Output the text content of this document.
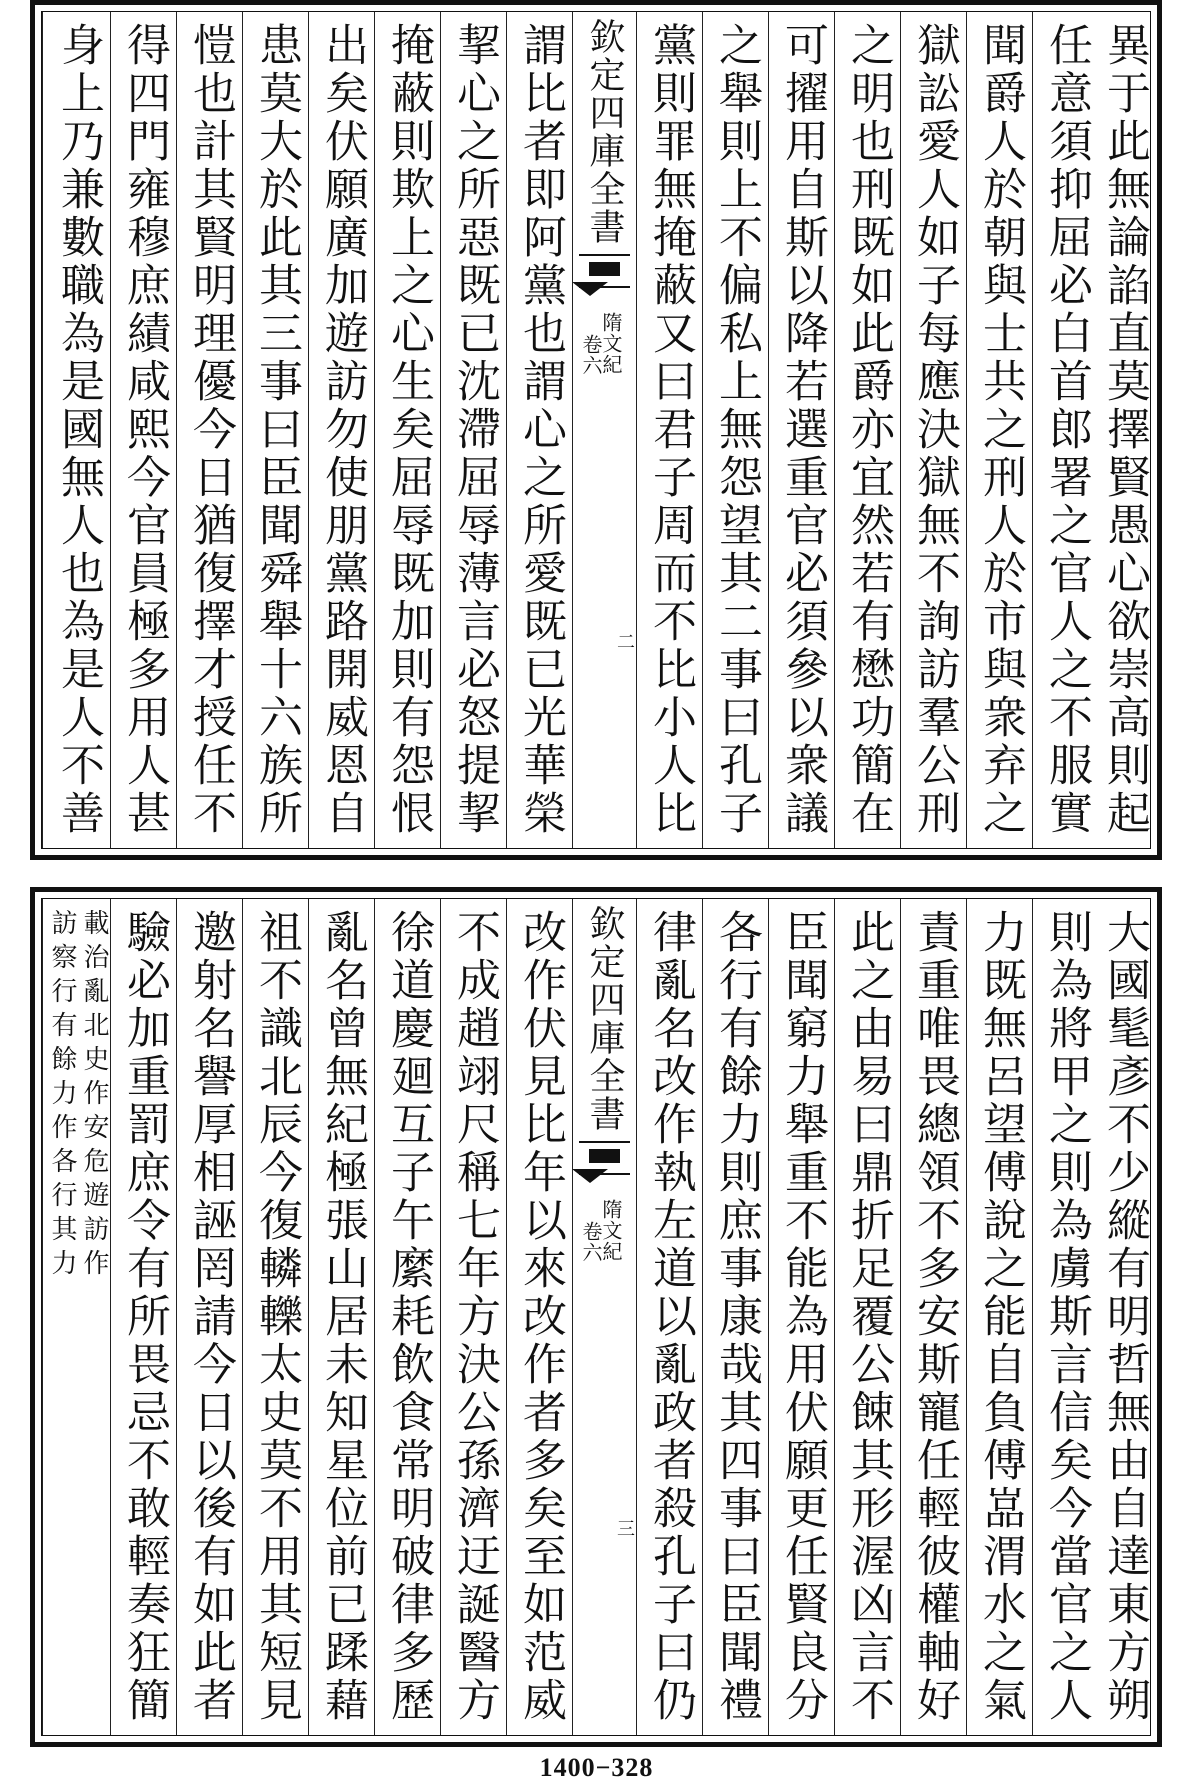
異于此無論諂直莫擇賢愚心欲崇高則起
任意須抑屈必白首郎署之官人之不服實
聞爵人於朝與士共之刑人於市與衆弃之
獄訟愛人如子每應決獄無不詢訪羣公刑
之明也刑既如此爵亦宜然若有懋功簡在
可擢用自斯以降若選重官必須參以衆議
之舉則上不偏私上無怨望其二事曰孔子
黨則罪無掩蔽又曰君子周而不比小人比
欽定四庫全書
隋文紀
卷六
二
謂比者即阿黨也謂心之所愛既已光華榮
挈心之所惡既已沈滯屈辱薄言必怒提挈
掩蔽則欺上之心生矣屈辱既加則有怨恨
出矣伏願廣加遊訪勿使朋黨路開威恩自
患莫大於此其三事曰臣聞舜舉十六族所
愷也計其賢明理優今日猶復擇才授任不
得四門雍穆庶績咸熙今官員極多用人甚
身上乃兼數職為是國無人也為是人不善
大國髦彥不少縱有明哲無由自達東方朔
則為將甲之則為虜斯言信矣今當官之人
力既無呂望傅說之能自負傅嵓渭水之氣
責重唯畏總領不多安斯寵任輕彼權軸好
此之由易曰鼎折足覆公餗其形渥凶言不
臣聞窮力舉重不能為用伏願更任賢良分
各行有餘力則庶事康哉其四事曰臣聞禮
律亂名改作執左道以亂政者殺孔子曰仍
欽定四庫全書
隋文紀
卷六
三
改作伏見比年以來改作者多矣至如范威
不成趙翊尺稱七年方決公孫濟迂誕醫方
徐道慶廻互子午縻耗飲食常明破律多歷
亂名曾無紀極張山居未知星位前已蹂藉
祖不識北辰今復轔轢太史莫不用其短見
邀射名譽厚相誣罔請今日以後有如此者
驗必加重罰庶令有所畏忌不敢輕奏狂簡
載治亂北史作安危遊訪作
訪察行有餘力作各行其力
1400−328
